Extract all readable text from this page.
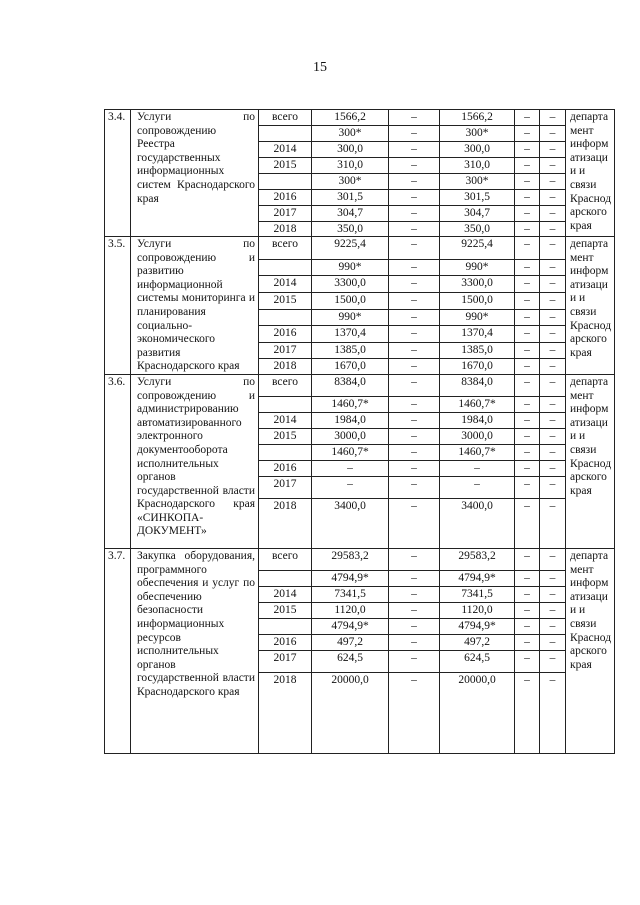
15
3.4.	Услуги по сопровождению Реестра государственных информационных систем Краснодарского края	всего	1566,2	–	1566,2	–	–	департамент информатизации и связи Краснодарского края
			300*	–	300*	–	–	
		2014	300,0	–	300,0	–	–	
		2015	310,0	–	310,0	–	–	
			300*	–	300*	–	–	
		2016	301,5	–	301,5	–	–	
		2017	304,7	–	304,7	–	–	
		2018	350,0	–	350,0	–	–	
3.5.	Услуги по сопровождению и развитию информационной системы мониторинга и планирования социально-экономического развития Краснодарского края	всего	9225,4	–	9225,4	–	–	департамент информатизации и связи Краснодарского края
			990*	–	990*	–	–	
		2014	3300,0	–	3300,0	–	–	
		2015	1500,0	–	1500,0	–	–	
			990*	–	990*	–	–	
		2016	1370,4	–	1370,4	–	–	
		2017	1385,0	–	1385,0	–	–	
		2018	1670,0	–	1670,0	–	–	
3.6.	Услуги по сопровождению и администрированию автоматизированного электронного документооборота исполнительных органов государственной власти Краснодарского края «СИНКОПА-ДОКУМЕНТ»	всего	8384,0	–	8384,0	–	–	департамент информатизации и связи Краснодарского края
			1460,7*	–	1460,7*	–	–	
		2014	1984,0	–	1984,0	–	–	
		2015	3000,0	–	3000,0	–	–	
			1460,7*	–	1460,7*	–	–	
		2016	–	–	–	–	–	
		2017	–	–	–	–	–	
		2018	3400,0	–	3400,0	–	–	
3.7.	Закупка оборудования, программного обеспечения и услуг по обеспечению безопасности информационных ресурсов исполнительных органов государственной власти Краснодарского края	всего	29583,2	–	29583,2	–	–	департамент информатизации и связи Краснодарского края
			4794,9*	–	4794,9*	–	–	
		2014	7341,5	–	7341,5	–	–	
		2015	1120,0	–	1120,0	–	–	
			4794,9*	–	4794,9*	–	–	
		2016	497,2	–	497,2	–	–	
		2017	624,5	–	624,5	–	–	
		2018	20000,0	–	20000,0	–	–	
